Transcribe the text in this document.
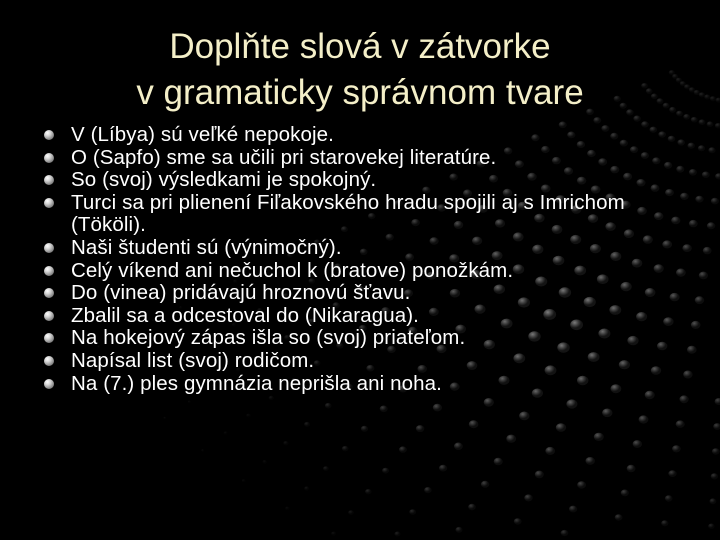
Doplňte slová v zátvorke
v gramaticky správnom tvare
V (Líbya) sú veľké nepokoje.
O (Sapfo) sme sa učili pri starovekej literatúre.
So (svoj) výsledkami je spokojný.
Turci sa pri plienení Fiľakovského hradu spojili aj s Imrichom (Tököli).
Naši študenti sú (výnimočný).
Celý víkend ani nečuchol k (bratove) ponožkám.
Do (vinea) pridávajú hroznovú šťavu.
Zbalil sa a odcestoval do (Nikaragua).
Na hokejový zápas išla so (svoj) priateľom.
Napísal list (svoj) rodičom.
Na (7.) ples gymnázia neprišla ani noha.
